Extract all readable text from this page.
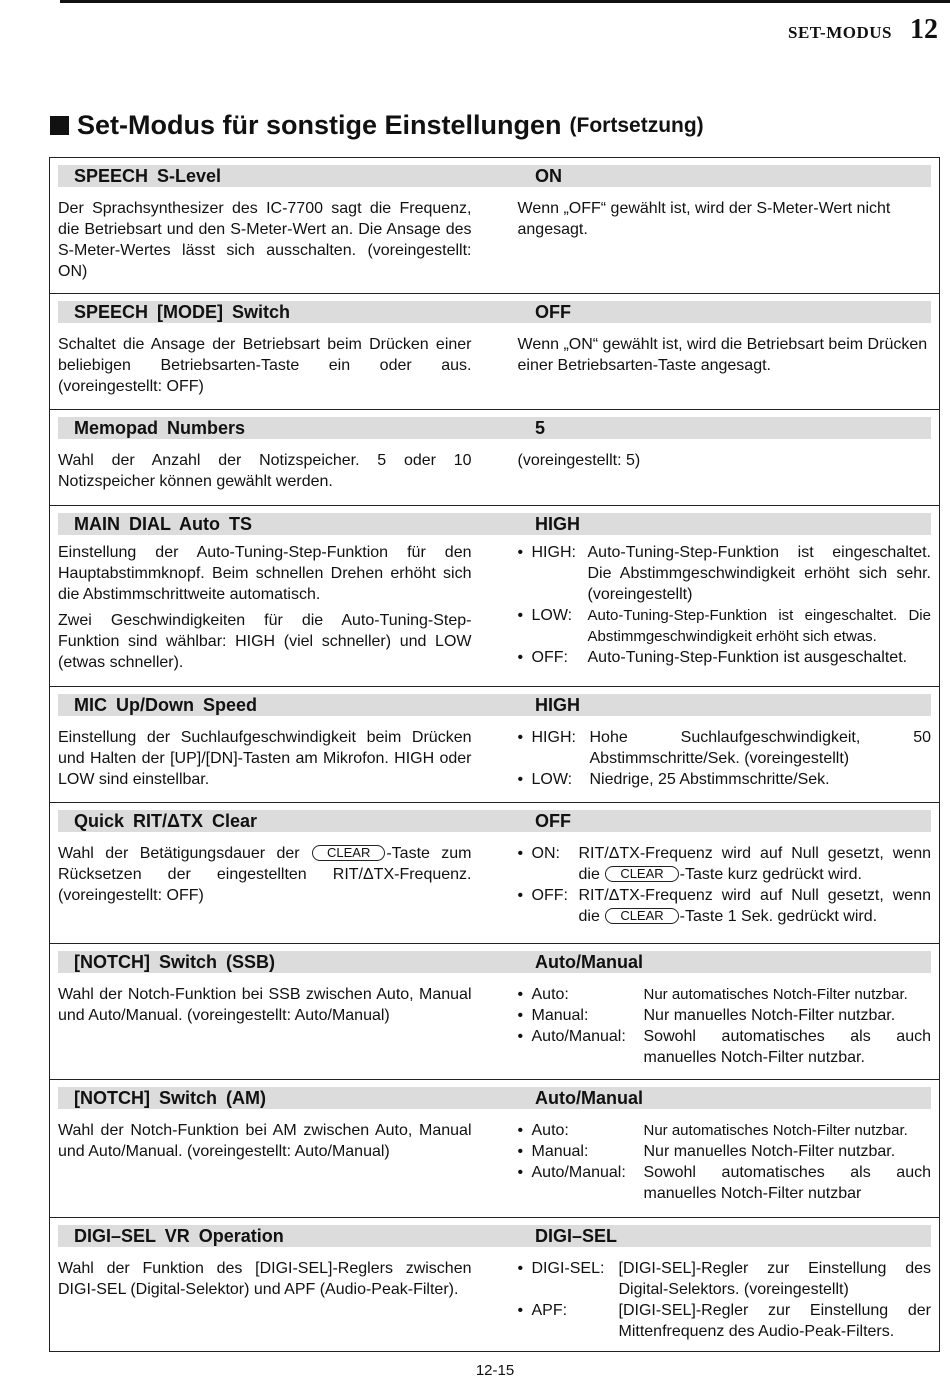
SET-MODUS 12
Set-Modus für sonstige Einstellungen (Fortsetzung)
SPEECH S-Level	ON

Der Sprachsynthesizer des IC-7700 sagt die Frequenz, die Betriebsart und den S-Meter-Wert an. Die Ansage des S-Meter-Wertes lässt sich ausschalten. (voreingestellt: ON)

Wenn „OFF“ gewählt ist, wird der S-Meter-Wert nicht angesagt.

SPEECH [MODE] Switch	OFF

Schaltet die Ansage der Betriebsart beim Drücken einer beliebigen Betriebsarten-Taste ein oder aus. (voreingestellt: OFF)

Wenn „ON“ gewählt ist, wird die Betriebsart beim Drücken einer Betriebsarten-Taste angesagt.

Memopad Numbers	5

Wahl der Anzahl der Notizspeicher. 5 oder 10 Notizspeicher können gewählt werden.

(voreingestellt: 5)

MAIN DIAL Auto TS	HIGH

Einstellung der Auto-Tuning-Step-Funktion für den Hauptabstimmknopf. Beim schnellen Drehen erhöht sich die Abstimmschrittweite automatisch.

Zwei Geschwindigkeiten für die Auto-Tuning-Step-Funktion sind wählbar: HIGH (viel schneller) und LOW (etwas schneller).

• HIGH: Auto-Tuning-Step-Funktion ist eingeschaltet. Die Abstimmgeschwindigkeit erhöht sich sehr. (voreingestellt)
• LOW:	Auto-Tuning-Step-Funktion ist eingeschaltet. Die Abstimmgeschwindigkeit erhöht sich etwas.
• OFF:	Auto-Tuning-Step-Funktion ist ausgeschaltet.
MIC Up/Down Speed	HIGH

Einstellung der Suchlaufgeschwindigkeit beim Drücken und Halten der [UP]/[DN]-Tasten am Mikrofon. HIGH oder LOW sind einstellbar.

• HIGH: Hohe Suchlaufgeschwindigkeit, 50 Abstimmschritte/Sek. (voreingestellt)
• LOW:	Niedrige, 25 Abstimmschritte/Sek.
Quick RIT/ΔTX Clear	OFF

Wahl der Betätigungsdauer der CLEAR -Taste zum Rücksetzen der eingestellten RIT/ΔTX-Frequenz. (voreingestellt: OFF)

• ON:	RIT/ΔTX-Frequenz wird auf Null gesetzt, wenn die CLEAR -Taste kurz gedrückt wird.
• OFF: RIT/ΔTX-Frequenz wird auf Null gesetzt, wenn die CLEAR -Taste 1 Sek. gedrückt wird.
[NOTCH] Switch (SSB)	Auto/Manual

Wahl der Notch-Funktion bei SSB zwischen Auto, Manual und Auto/Manual. (voreingestellt: Auto/Manual)

• Auto:	Nur automatisches Notch-Filter nutzbar.
• Manual:	Nur manuelles Notch-Filter nutzbar.
• Auto/Manual:	Sowohl automatisches als auch manuelles Notch-Filter nutzbar.
[NOTCH] Switch (AM)	Auto/Manual

Wahl der Notch-Funktion bei AM zwischen Auto, Manual und Auto/Manual. (voreingestellt: Auto/Manual)

• Auto:	Nur automatisches Notch-Filter nutzbar.
• Manual:	Nur manuelles Notch-Filter nutzbar.
• Auto/Manual:	Sowohl automatisches als auch manuelles Notch-Filter nutzbar
DIGI–SEL VR Operation	DIGI–SEL

Wahl der Funktion des [DIGI-SEL]-Reglers zwischen DIGI-SEL (Digital-Selektor) und APF (Audio-Peak-Filter).

• DIGI-SEL: [DIGI-SEL]-Regler zur Einstellung des Digital-Selektors. (voreingestellt)
• APF:	[DIGI-SEL]-Regler zur Einstellung der Mittenfrequenz des Audio-Peak-Filters.
12-15
